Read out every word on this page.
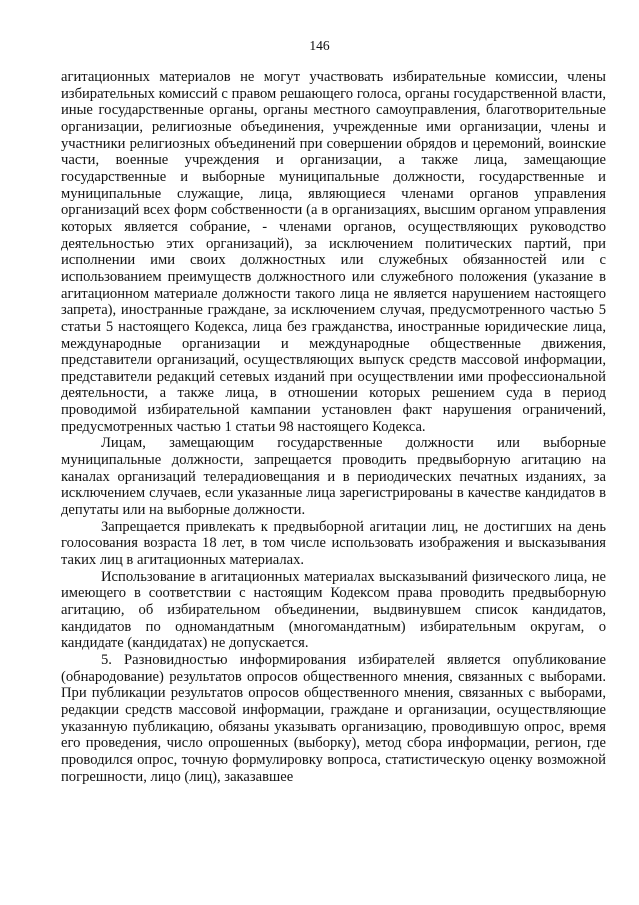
146

агитационных материалов не могут участвовать избирательные комиссии, члены избирательных комиссий с правом решающего голоса, органы государственной власти, иные государственные органы, органы местного самоуправления, благотворительные организации, религиозные объединения, учрежденные ими организации, члены и участники религиозных объединений при совершении обрядов и церемоний, воинские части, военные учреждения и организации, а также лица, замещающие государственные и выборные муниципальные должности, государственные и муниципальные служащие, лица, являющиеся членами органов управления организаций всех форм собственности (а в организациях, высшим органом управления которых является собрание, - членами органов, осуществляющих руководство деятельностью этих организаций), за исключением политических партий, при исполнении ими своих должностных или служебных обязанностей или с использованием преимуществ должностного или служебного положения (указание в агитационном материале должности такого лица не является нарушением настоящего запрета), иностранные граждане, за исключением случая, предусмотренного частью 5 статьи 5 настоящего Кодекса, лица без гражданства, иностранные юридические лица, международные организации и международные общественные движения, представители организаций, осуществляющих выпуск средств массовой информации, представители редакций сетевых изданий при осуществлении ими профессиональной деятельности, а также лица, в отношении которых решением суда в период проводимой избирательной кампании установлен факт нарушения ограничений, предусмотренных частью 1 статьи 98 настоящего Кодекса.

Лицам, замещающим государственные должности или выборные муниципальные должности, запрещается проводить предвыборную агитацию на каналах организаций телерадиовещания и в периодических печатных изданиях, за исключением случаев, если указанные лица зарегистрированы в качестве кандидатов в депутаты или на выборные должности.

Запрещается привлекать к предвыборной агитации лиц, не достигших на день голосования возраста 18 лет, в том числе использовать изображения и высказывания таких лиц в агитационных материалах.

Использование в агитационных материалах высказываний физического лица, не имеющего в соответствии с настоящим Кодексом права проводить предвыборную агитацию, об избирательном объединении, выдвинувшем список кандидатов, кандидатов по одномандатным (многомандатным) избирательным округам, о кандидате (кандидатах) не допускается.

5. Разновидностью информирования избирателей является опубликование (обнародование) результатов опросов общественного мнения, связанных с выборами. При публикации результатов опросов общественного мнения, связанных с выборами, редакции средств массовой информации, граждане и организации, осуществляющие указанную публикацию, обязаны указывать организацию, проводившую опрос, время его проведения, число опрошенных (выборку), метод сбора информации, регион, где проводился опрос, точную формулировку вопроса, статистическую оценку возможной погрешности, лицо (лиц), заказавшее
